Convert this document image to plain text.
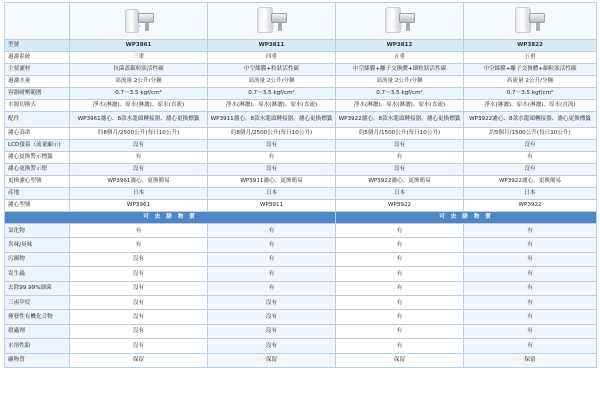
型號	WP3861	WP3811	WP3812	WP3822
過濾系統	三重	四重	五重	五重
主要濾材	抗菌蓋銀粒狀活性碳	中空絲膜+粒狀活性碳	中空絲膜+離子交換體+細粒狀活性碳	中空絲膜+離子交換體+細粒狀活性碳
過濾水量	高流量 2公升/分鐘	高流量 2公升/分鐘	高流量 2公升/分鐘	高流量 2公升/分鐘
容器耐壓範圍	0.7～3.5 kgf/cm²	0.7～3.5 kgf/cm²	0.7～3.5 kgf/cm²	0.7～3.5 kgf/cm²
水源切換式	淨水(淋灑)、原水(淋灑)、原水(直流)	淨水(淋灑)、原水(淋灑)、原水(直流)	淨水(淋灑)、原水(淋灑)、原水(直流)	淨水(淋灑)、原水(淋灑)、原水(直流)
配件	WP3961濾心、8款水龍頭轉接器、濾心更換標籤	WP3911濾心、8款水龍頭轉接器、濾心更換標籤	WP3922濾心、8款水龍頭轉接器、濾心更換標籤	WP3922濾心、8款水龍頭轉接器、濾心更換標籤
濾心壽命	約8個月/2500公升(每日10公升)	約8個月/2500公升(每日10公升)	約5個月/1500公升(每日10公升)	約5個月/1500公升(每日10公升)
LCD螢幕（流量顯示)	沒有	沒有	沒有	沒有
濾心更換警示標籤	有	有	有	有
濾心更換警示燈	沒有	沒有	沒有	沒有
更換濾心型號	WP3961濾心、更換簡易	WP3911濾心、更換簡易	WP3922濾心、更換簡易	WP3922濾心、更換簡易
產地	日本	日本	日本	日本
濾心型號	WP3961	WP3911	WP3922	WP3922
可 去 除 物 質			可 去 除 物 質	
氯化物	有	有	有	有
異味/臭味	有	有	有	有
污濁物	沒有	有	有	有
寄生蟲	沒有	有	有	有
去除99.99%細菌	沒有	有	有	有
三鹵甲烷	沒有	沒有	有	有
揮發性有機化合物	沒有	沒有	有	有
殺蟲劑	沒有	沒有	有	有
水溶性鉛	沒有	沒有	有	有
礦物質	保留	保留	保留	保留
